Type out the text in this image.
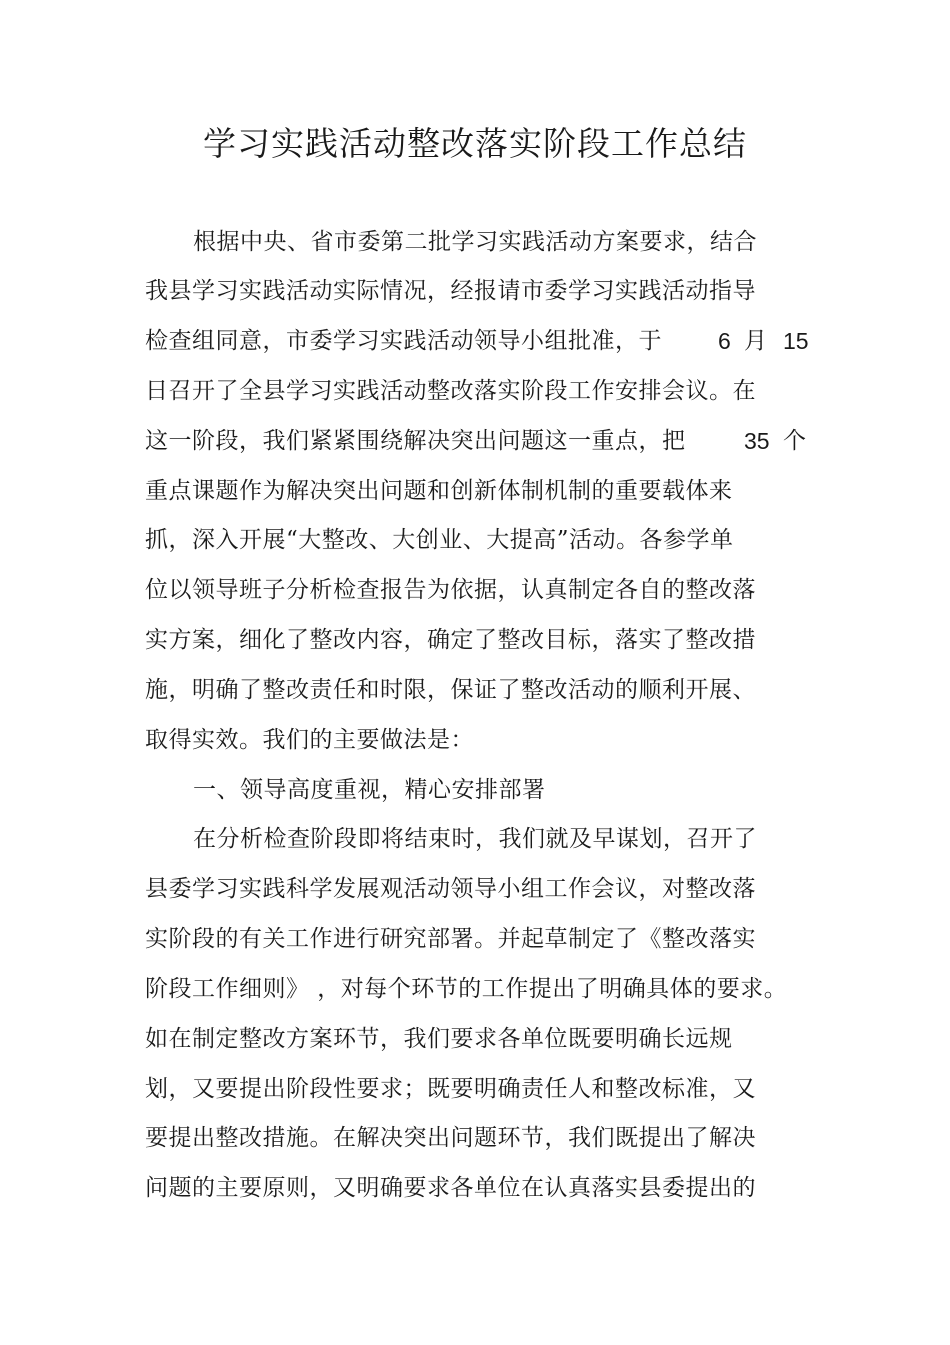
学习实践活动整改落实阶段工作总结
根据中央、省市委第二批学习实践活动方案要求，结合
我县学习实践活动实际情况，经报请市委学习实践活动指导
检查组同意，市委学习实践活动领导小组批准，于 6 月 15
日召开了全县学习实践活动整改落实阶段工作安排会议。在
这一阶段，我们紧紧围绕解决突出问题这一重点，把	35 个
重点课题作为解决突出问题和创新体制机制的重要载体来
抓，深入开展“大整改、大创业、大提高”活动。各参学单
位以领导班子分析检查报告为依据，认真制定各自的整改落
实方案，细化了整改内容，确定了整改目标，落实了整改措
施，明确了整改责任和时限，保证了整改活动的顺利开展、
取得实效。我们的主要做法是：
一、领导高度重视，精心安排部署
在分析检查阶段即将结束时，我们就及早谋划，召开了
县委学习实践科学发展观活动领导小组工作会议，对整改落
实阶段的有关工作进行研究部署。并起草制定了《整改落实
阶段工作细则》 ，对每个环节的工作提出了明确具体的要求。
如在制定整改方案环节，我们要求各单位既要明确长远规
划，又要提出阶段性要求；既要明确责任人和整改标准，又
要提出整改措施。在解决突出问题环节，我们既提出了解决
问题的主要原则，又明确要求各单位在认真落实县委提出的
